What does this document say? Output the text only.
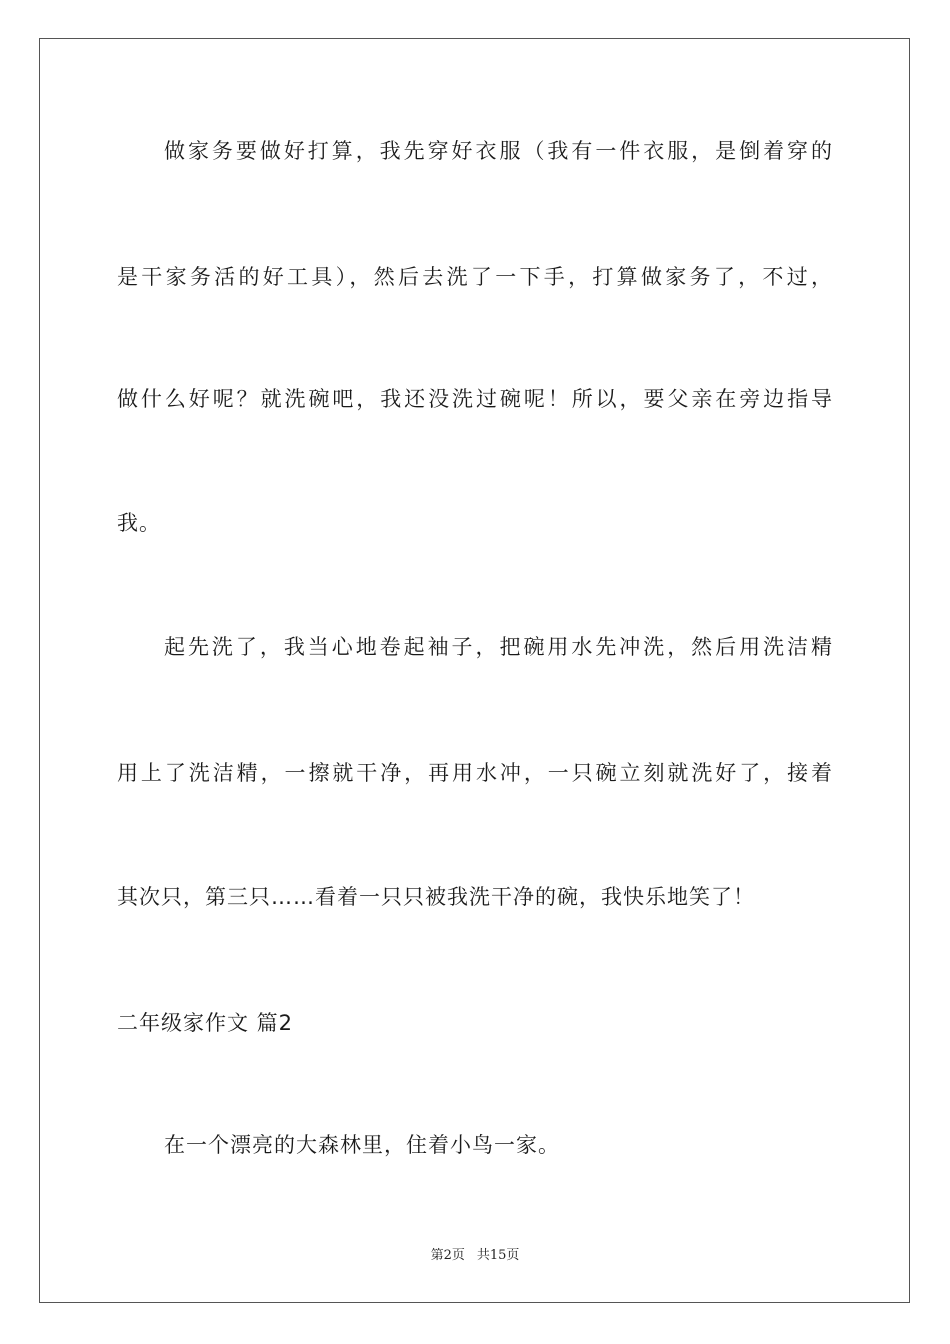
做家务要做好打算，我先穿好衣服（我有一件衣服，是倒着穿的
是干家务活的好工具），然后去洗了一下手，打算做家务了，不过，
做什么好呢？就洗碗吧，我还没洗过碗呢！所以，要父亲在旁边指导
我。
起先洗了，我当心地卷起袖子，把碗用水先冲洗，然后用洗洁精
用上了洗洁精，一擦就干净，再用水冲，一只碗立刻就洗好了，接着
其次只，第三只……看着一只只被我洗干净的碗，我快乐地笑了！
二年级家作文 篇2
在一个漂亮的大森林里，住着小鸟一家。
第2页 共15页
